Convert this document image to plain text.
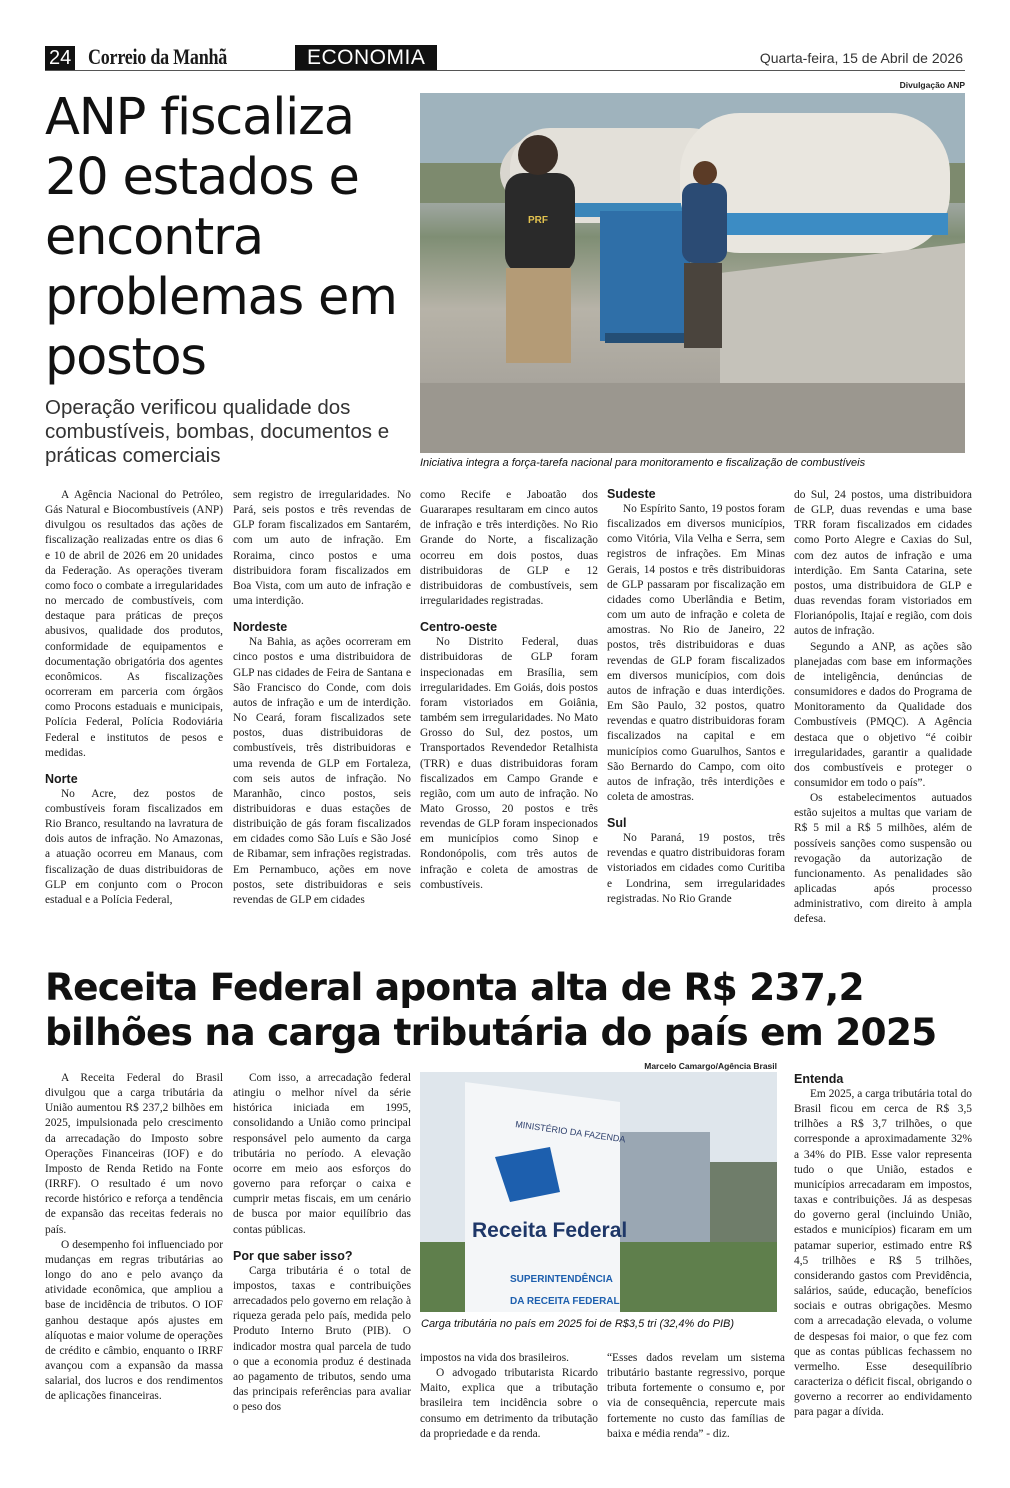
24 Correio da Manhã	ECONOMIA	Quarta-feira, 15 de Abril de 2026
ANP fiscaliza 20 estados e encontra problemas em postos
Operação verificou qualidade dos combustíveis, bombas, documentos e práticas comerciais
Divulgação ANP
PRF
Iniciativa integra a força-tarefa nacional para monitoramento e fiscalização de combustíveis

A Agência Nacional do Petróleo, Gás Natural e Biocombustíveis (ANP) divulgou os resultados das ações de fiscalização realizadas entre os dias 6 e 10 de abril de 2026 em 20 unidades da Federação. As operações tiveram como foco o combate a irregularidades no mercado de combustíveis, com destaque para práticas de preços abusivos, qualidade dos produtos, conformidade de equipamentos e documentação obrigatória dos agentes econômicos. As fiscalizações ocorreram em parceria com órgãos como Procons estaduais e municipais, Polícia Federal, Polícia Rodoviária Federal e institutos de pesos e medidas.

Norte

No Acre, dez postos de combustíveis foram fiscalizados em Rio Branco, resultando na lavratura de dois autos de infração. No Amazonas, a atuação ocorreu em Manaus, com fiscalização de duas distribuidoras de GLP em conjunto com o Procon estadual e a Polícia Federal,

sem registro de irregularidades. No Pará, seis postos e três revendas de GLP foram fiscalizados em Santarém, com um auto de infração. Em Roraima, cinco postos e uma distribuidora foram fiscalizados em Boa Vista, com um auto de infração e uma interdição.

Nordeste

Na Bahia, as ações ocorreram em cinco postos e uma distribuidora de GLP nas cidades de Feira de Santana e São Francisco do Conde, com dois autos de infração e um de interdição. No Ceará, foram fiscalizados sete postos, duas distribuidoras de combustíveis, três distribuidoras e uma revenda de GLP em Fortaleza, com seis autos de infração. No Maranhão, cinco postos, seis distribuidoras e duas estações de distribuição de gás foram fiscalizados em cidades como São Luís e São José de Ribamar, sem infrações registradas. Em Pernambuco, ações em nove postos, sete distribuidoras e seis revendas de GLP em cidades

como Recife e Jaboatão dos Guararapes resultaram em cinco autos de infração e três interdições. No Rio Grande do Norte, a fiscalização ocorreu em dois postos, duas distribuidoras de GLP e 12 distribuidoras de combustíveis, sem irregularidades registradas.

Centro-oeste

No Distrito Federal, duas distribuidoras de GLP foram inspecionadas em Brasília, sem irregularidades. Em Goiás, dois postos foram vistoriados em Goiânia, também sem irregularidades. No Mato Grosso do Sul, dez postos, um Transportados Revendedor Retalhista (TRR) e duas distribuidoras foram fiscalizados em Campo Grande e região, com um auto de infração. No Mato Grosso, 20 postos e três revendas de GLP foram inspecionados em municípios como Sinop e Rondonópolis, com três autos de infração e coleta de amostras de combustíveis.

Sudeste

No Espírito Santo, 19 postos foram fiscalizados em diversos municípios, como Vitória, Vila Velha e Serra, sem registros de infrações. Em Minas Gerais, 14 postos e três distribuidoras de GLP passaram por fiscalização em cidades como Uberlândia e Betim, com um auto de infração e coleta de amostras. No Rio de Janeiro, 22 postos, três distribuidoras e duas revendas de GLP foram fiscalizados em diversos municípios, com dois autos de infração e duas interdições. Em São Paulo, 32 postos, quatro revendas e quatro distribuidoras foram fiscalizados na capital e em municípios como Guarulhos, Santos e São Bernardo do Campo, com oito autos de infração, três interdições e coleta de amostras.

Sul

No Paraná, 19 postos, três revendas e quatro distribuidoras foram vistoriados em cidades como Curitiba e Londrina, sem irregularidades registradas. No Rio Grande

do Sul, 24 postos, uma distribuidora de GLP, duas revendas e uma base TRR foram fiscalizados em cidades como Porto Alegre e Caxias do Sul, com dez autos de infração e uma interdição. Em Santa Catarina, sete postos, uma distribuidora de GLP e duas revendas foram vistoriados em Florianópolis, Itajaí e região, com dois autos de infração.

Segundo a ANP, as ações são planejadas com base em informações de inteligência, denúncias de consumidores e dados do Programa de Monitoramento da Qualidade dos Combustíveis (PMQC). A Agência destaca que o objetivo “é coibir irregularidades, garantir a qualidade dos combustíveis e proteger o consumidor em todo o país”.

Os estabelecimentos autuados estão sujeitos a multas que variam de R$ 5 mil a R$ 5 milhões, além de possíveis sanções como suspensão ou revogação da autorização de funcionamento. As penalidades são aplicadas após processo administrativo, com direito à ampla defesa.

Receita Federal aponta alta de R$ 237,2 bilhões na carga tributária do país em 2025
Marcelo Camargo/Agência Brasil
MINISTÉRIO DA FAZENDA
Receita Federal
SUPERINTENDÊNCIA
DA RECEITA FEDERAL
Carga tributária no país em 2025 foi de R$3,5 tri (32,4% do PIB)

A Receita Federal do Brasil divulgou que a carga tributária da União aumentou R$ 237,2 bilhões em 2025, impulsionada pelo crescimento da arrecadação do Imposto sobre Operações Financeiras (IOF) e do Imposto de Renda Retido na Fonte (IRRF). O resultado é um novo recorde histórico e reforça a tendência de expansão das receitas federais no país.

O desempenho foi influenciado por mudanças em regras tributárias ao longo do ano e pelo avanço da atividade econômica, que ampliou a base de incidência de tributos. O IOF ganhou destaque após ajustes em alíquotas e maior volume de operações de crédito e câmbio, enquanto o IRRF avançou com a expansão da massa salarial, dos lucros e dos rendimentos de aplicações financeiras.

Com isso, a arrecadação federal atingiu o melhor nível da série histórica iniciada em 1995, consolidando a União como principal responsável pelo aumento da carga tributária no período. A elevação ocorre em meio aos esforços do governo para reforçar o caixa e cumprir metas fiscais, em um cenário de busca por maior equilíbrio das contas públicas.

Por que saber isso?

Carga tributária é o total de impostos, taxas e contribuições arrecadados pelo governo em relação à riqueza gerada pelo país, medida pelo Produto Interno Bruto (PIB). O indicador mostra qual parcela de tudo o que a economia produz é destinada ao pagamento de tributos, sendo uma das principais referências para avaliar o peso dos

impostos na vida dos brasileiros.

O advogado tributarista Ricardo Maito, explica que a tributação brasileira tem incidência sobre o consumo em detrimento da tributação da propriedade e da renda.

“Esses dados revelam um sistema tributário bastante regressivo, porque tributa fortemente o consumo e, por via de consequência, repercute mais fortemente no custo das famílias de baixa e média renda” - diz.

Entenda

Em 2025, a carga tributária total do Brasil ficou em cerca de R$ 3,5 trilhões a R$ 3,7 trilhões, o que corresponde a aproximadamente 32% a 34% do PIB. Esse valor representa tudo o que União, estados e municípios arrecadaram em impostos, taxas e contribuições. Já as despesas do governo geral (incluindo União, estados e municípios) ficaram em um patamar superior, estimado entre R$ 4,5 trilhões e R$ 5 trilhões, considerando gastos com Previdência, salários, saúde, educação, benefícios sociais e outras obrigações. Mesmo com a arrecadação elevada, o volume de despesas foi maior, o que fez com que as contas públicas fechassem no vermelho. Esse desequilíbrio caracteriza o déficit fiscal, obrigando o governo a recorrer ao endividamento para pagar a dívida.
